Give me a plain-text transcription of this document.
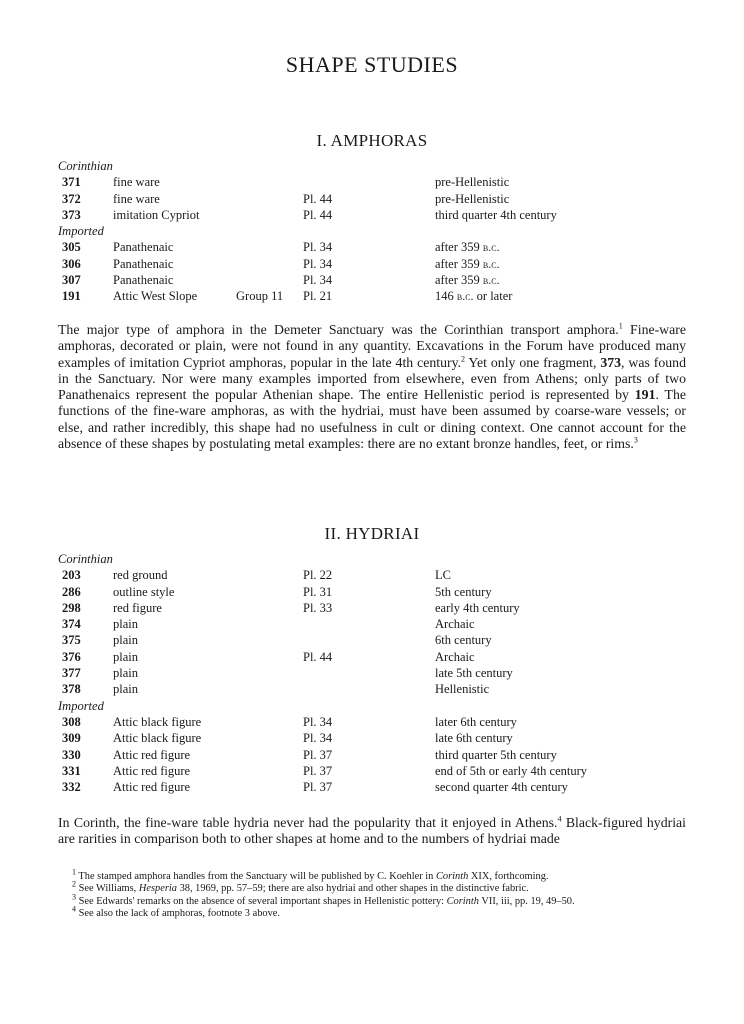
SHAPE STUDIES
I. AMPHORAS
Corinthian
371	fine ware	pre-Hellenistic
372	fine ware	Pl. 44	pre-Hellenistic
373	imitation Cypriot	Pl. 44	third quarter 4th century
Imported
305	Panathenaic	Pl. 34	after 359 b.c.
306	Panathenaic	Pl. 34	after 359 b.c.
307	Panathenaic	Pl. 34	after 359 b.c.
191	Attic West Slope	Group 11 Pl. 21	146 b.c. or later

The major type of amphora in the Demeter Sanctuary was the Corinthian transport amphora.$^1$ Fine-ware amphoras, decorated or plain, were not found in any quantity. Excavations in the Forum have produced many examples of imitation Cypriot amphoras, popular in the late 4th century.$^2$ Yet only one fragment, 373, was found in the Sanctuary. Nor were many examples imported from elsewhere, even from Athens; only parts of two Panathenaics represent the popular Athenian shape. The entire Hellenistic period is represented by 191. The functions of the fine-ware amphoras, as with the hydriai, must have been assumed by coarse-ware vessels; or else, and rather incredibly, this shape had no usefulness in cult or dining context. One cannot account for the absence of these shapes by postulating metal examples: there are no extant bronze handles, feet, or rims.$^3$

II. HYDRIAI
Corinthian
203	red ground	Pl. 22	LC
286	outline style	Pl. 31	5th century
298	red figure	Pl. 33	early 4th century
374	plain	Archaic
375	plain	6th century
376	plain	Pl. 44	Archaic
377	plain	late 5th century
378	plain	Hellenistic
Imported
308	Attic black figure	Pl. 34	later 6th century
309	Attic black figure	Pl. 34	late 6th century
330	Attic red figure	Pl. 37	third quarter 5th century
331	Attic red figure	Pl. 37	end of 5th or early 4th century
332	Attic red figure	Pl. 37	second quarter 4th century

In Corinth, the fine-ware table hydria never had the popularity that it enjoyed in Athens.$^4$ Black-figured hydriai are rarities in comparison both to other shapes at home and to the numbers of hydriai made

$^1$ The stamped amphora handles from the Sanctuary will be published by C. Koehler in Corinth XIX, forthcoming.
$^2$ See Williams, Hesperia 38, 1969, pp. 57–59; there are also hydriai and other shapes in the distinctive fabric.
$^3$ See Edwards' remarks on the absence of several important shapes in Hellenistic pottery: Corinth VII, iii, pp. 19, 49–50.
$^4$ See also the lack of amphoras, footnote 3 above.
